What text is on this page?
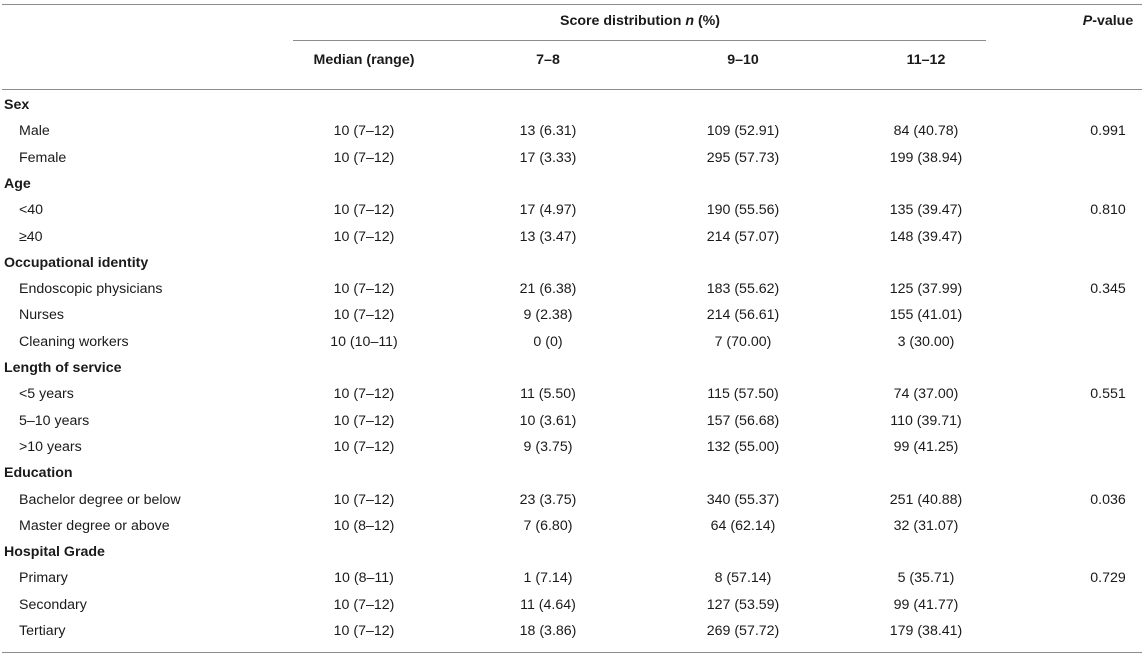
Score distribution n (%)	P-value
Median (range)	7–8	9–10	11–12
Sex
Male	10 (7–12)	13 (6.31)	109 (52.91)	84 (40.78)	0.991
Female	10 (7–12)	17 (3.33)	295 (57.73)	199 (38.94)
Age
<40	10 (7–12)	17 (4.97)	190 (55.56)	135 (39.47)	0.810
≥40	10 (7–12)	13 (3.47)	214 (57.07)	148 (39.47)
Occupational identity
Endoscopic physicians	10 (7–12)	21 (6.38)	183 (55.62)	125 (37.99)	0.345
Nurses	10 (7–12)	9 (2.38)	214 (56.61)	155 (41.01)
Cleaning workers	10 (10–11)	0 (0)	7 (70.00)	3 (30.00)
Length of service
<5 years	10 (7–12)	11 (5.50)	115 (57.50)	74 (37.00)	0.551
5–10 years	10 (7–12)	10 (3.61)	157 (56.68)	110 (39.71)
>10 years	10 (7–12)	9 (3.75)	132 (55.00)	99 (41.25)
Education
Bachelor degree or below	10 (7–12)	23 (3.75)	340 (55.37)	251 (40.88)	0.036
Master degree or above	10 (8–12)	7 (6.80)	64 (62.14)	32 (31.07)
Hospital Grade
Primary	10 (8–11)	1 (7.14)	8 (57.14)	5 (35.71)	0.729
Secondary	10 (7–12)	11 (4.64)	127 (53.59)	99 (41.77)
Tertiary	10 (7–12)	18 (3.86)	269 (57.72)	179 (38.41)
